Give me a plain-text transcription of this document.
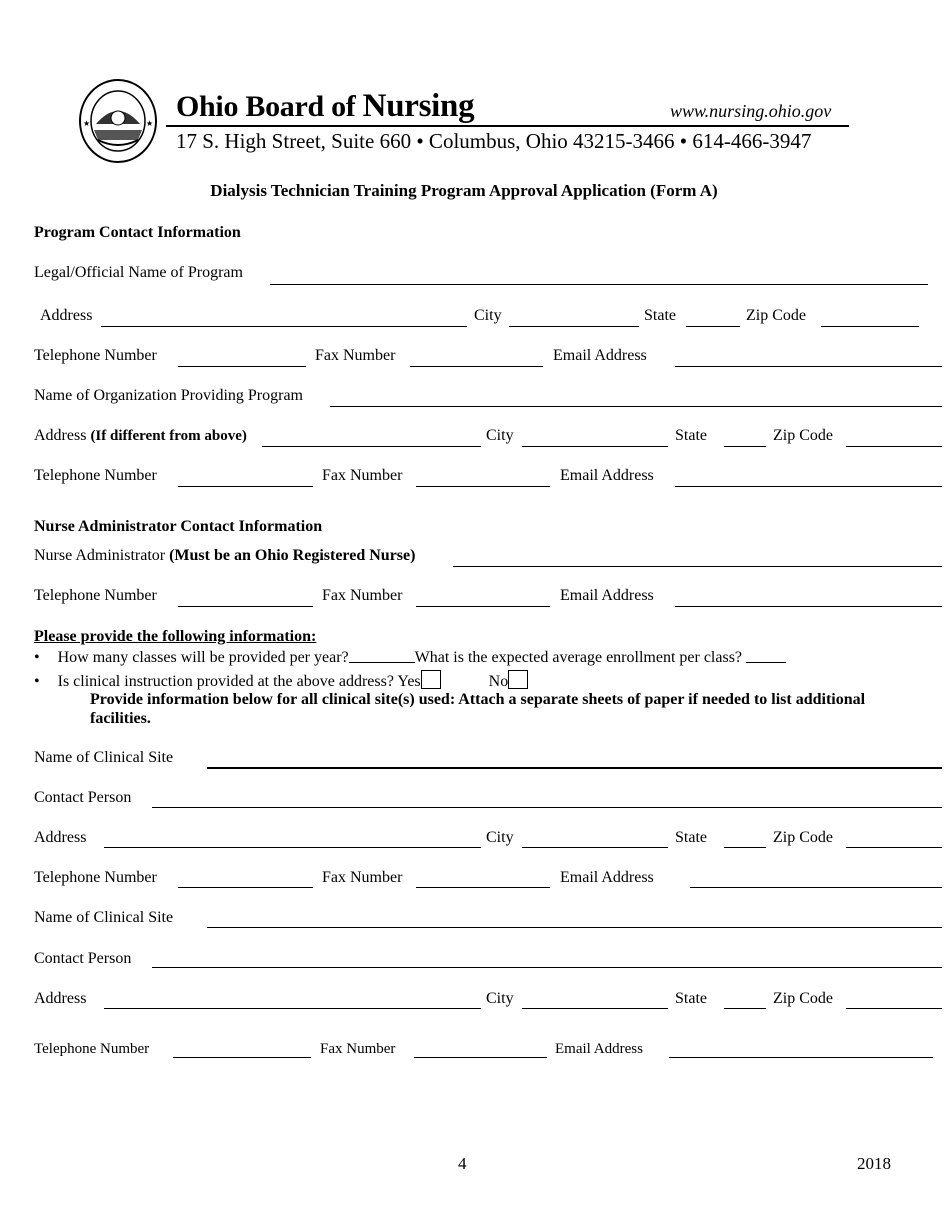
★	★
Ohio Board of Nursing	www.nursing.ohio.gov
17 S. High Street, Suite 660 • Columbus, Ohio 43215-3466 • 614-466-3947
Dialysis Technician Training Program Approval Application (Form A)
Program Contact Information
Legal/Official Name of Program
Address	City	State	Zip Code
Telephone Number	Fax Number	Email Address
Name of Organization Providing Program
Address (If different from above)	City	State	Zip Code
Telephone Number	Fax Number	Email Address
Nurse Administrator Contact Information
Nurse Administrator (Must be an Ohio Registered Nurse)
Telephone Number	Fax Number	Email Address
Please provide the following information:
• How many classes will be provided per year?	What is the expected average enrollment per class?
• Is clinical instruction provided at the above address? Yes	No
Provide information below for all clinical site(s) used: Attach a separate sheets of paper if needed to list additional facilities.
Name of Clinical Site
Contact Person
Address	City	State	Zip Code
Telephone Number	Fax Number	Email Address
Name of Clinical Site
Contact Person
Address	City	State	Zip Code
Telephone Number	Fax Number	Email Address
4	2018
